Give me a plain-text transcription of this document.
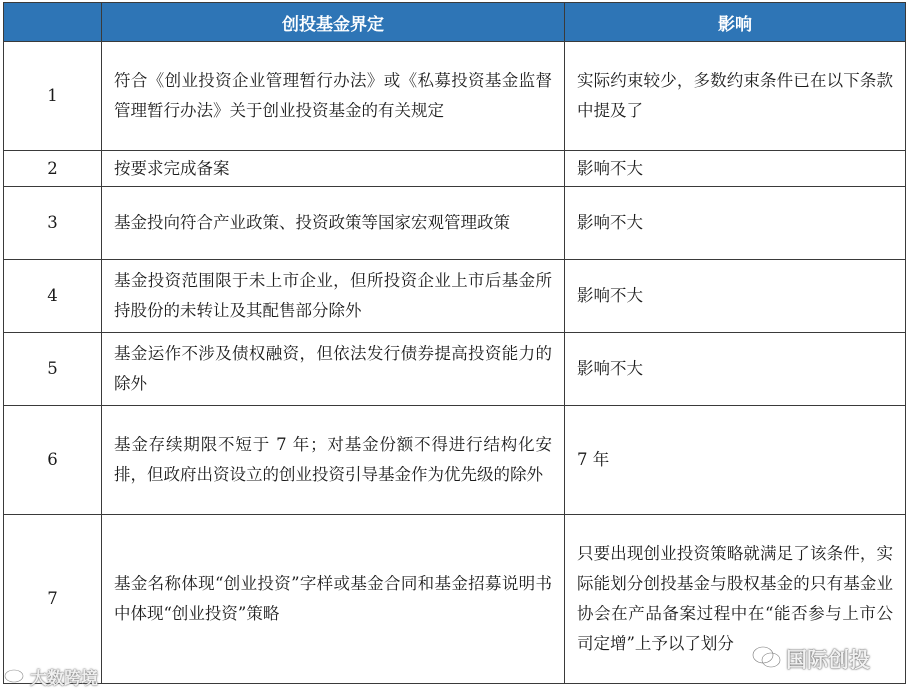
	创投基金界定	影响
1	符合《创业投资企业管理暂行办法》或《私募投资基金监督管理暂行办法》关于创业投资基金的有关规定	实际约束较少，多数约束条件已在以下条款中提及了
2	按要求完成备案	影响不大
3	基金投向符合产业政策、投资政策等国家宏观管理政策	影响不大
4	基金投资范围限于未上市企业，但所投资企业上市后基金所持股份的未转让及其配售部分除外	影响不大
5	基金运作不涉及债权融资，但依法发行债券提高投资能力的除外	影响不大
6	基金存续期限不短于 7 年；对基金份额不得进行结构化安排，但政府出资设立的创业投资引导基金作为优先级的除外	7 年
7	基金名称体现“创业投资”字样或基金合同和基金招募说明书中体现“创业投资”策略	只要出现创业投资策略就满足了该条件，实际能划分创投基金与股权基金的只有基金业协会在产品备案过程中在“能否参与上市公司定增”上予以了划分
大数跨境
国际创投
